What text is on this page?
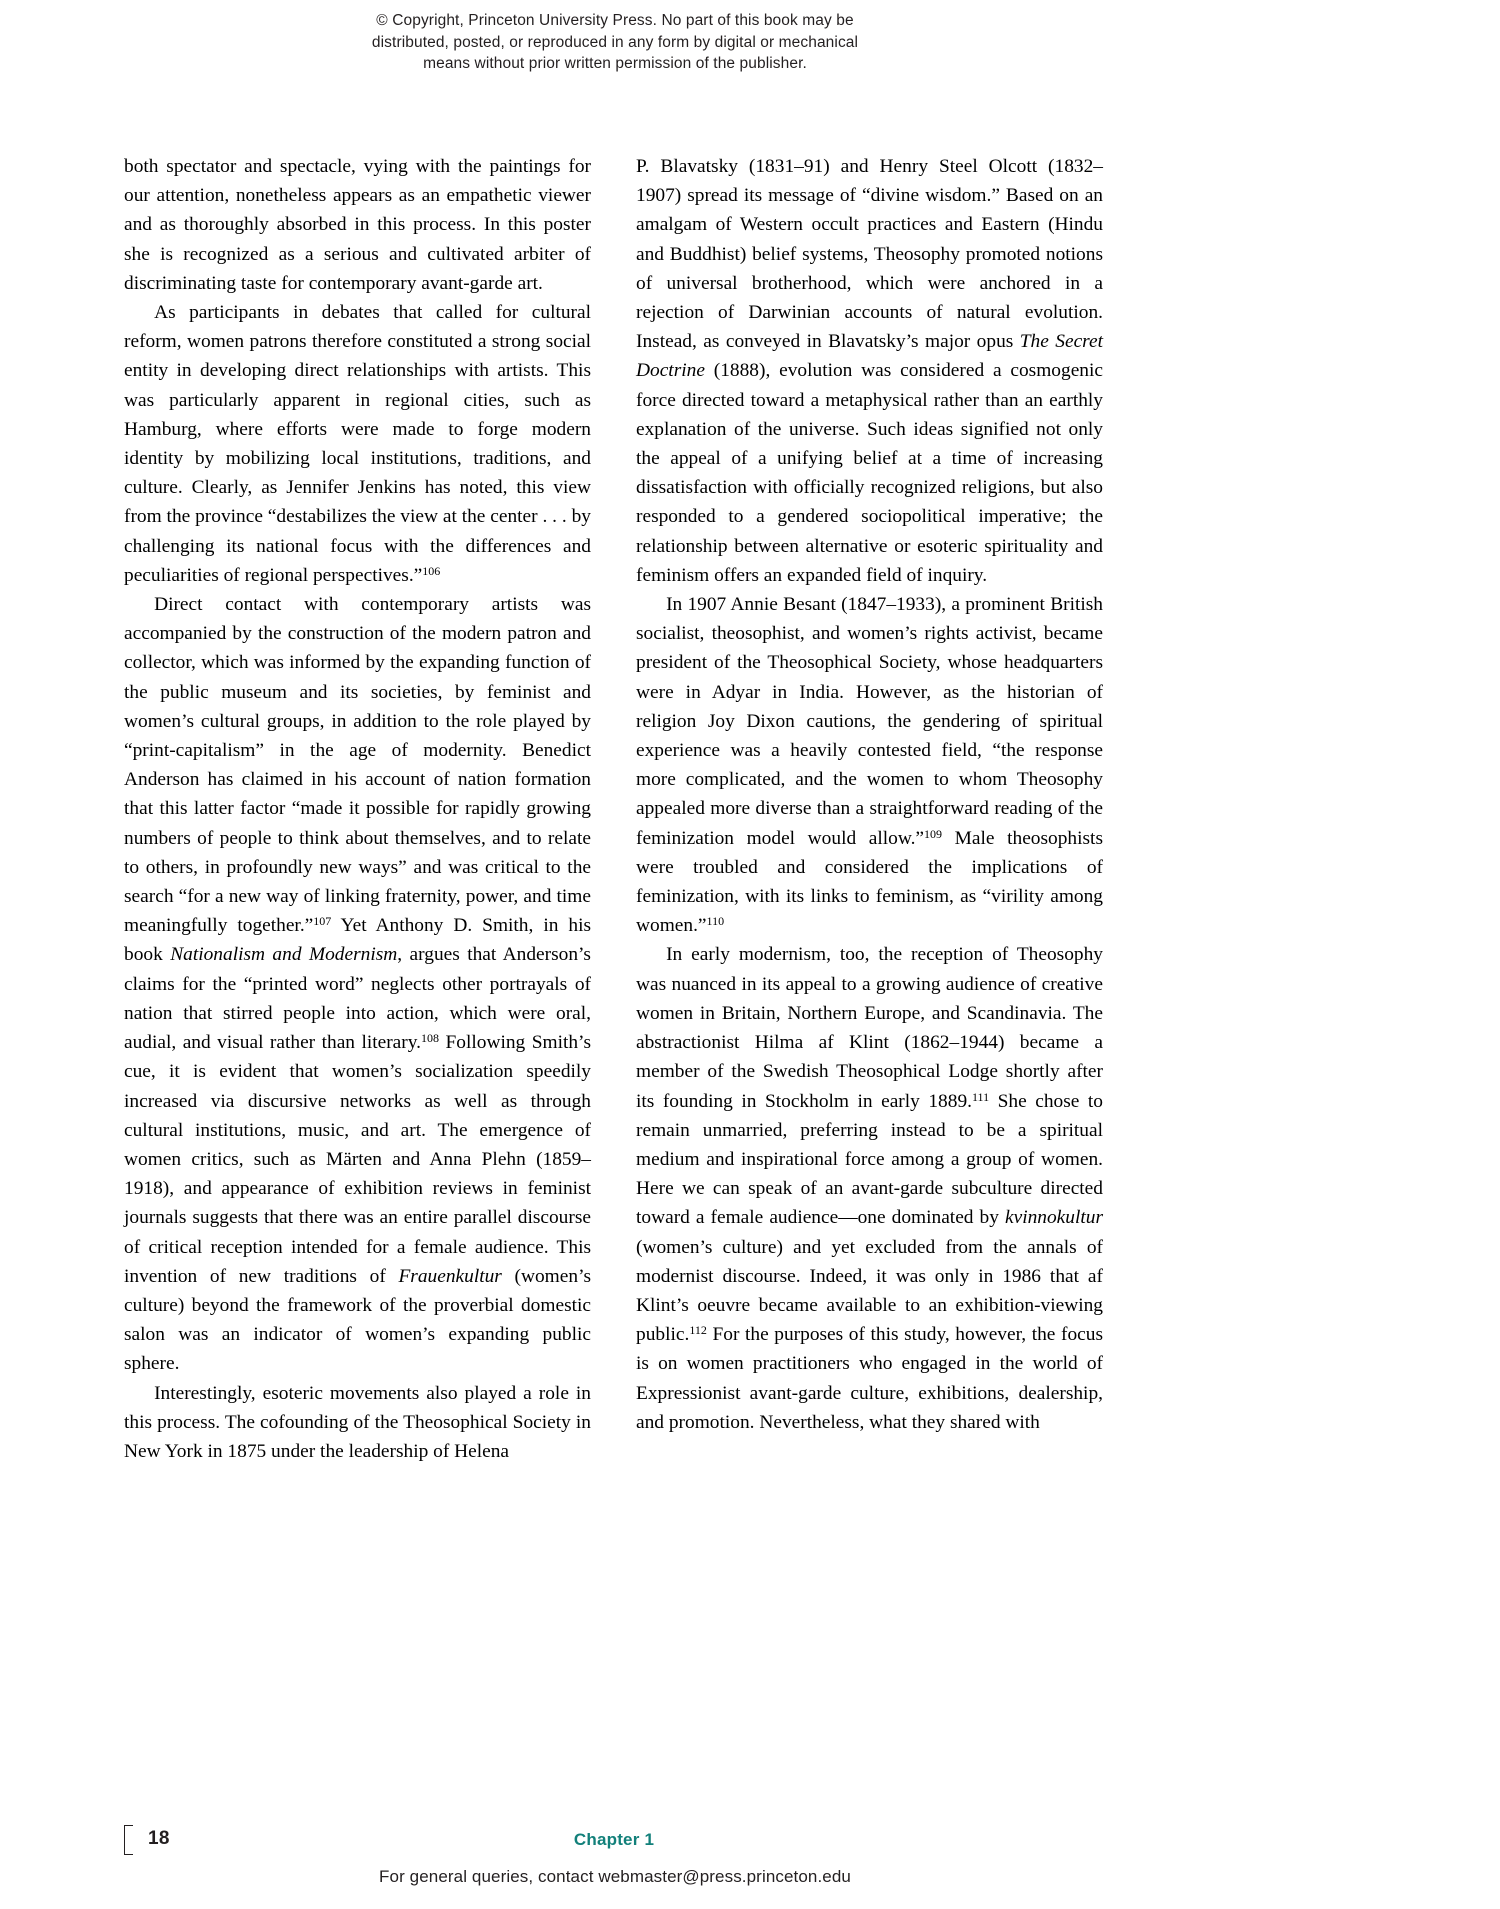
© Copyright, Princeton University Press. No part of this book may be
distributed, posted, or reproduced in any form by digital or mechanical
means without prior written permission of the publisher.

both spectator and spectacle, vying with the paintings for our attention, nonetheless appears as an empathetic viewer and as thoroughly absorbed in this process. In this poster she is recognized as a serious and cultivated arbiter of discriminating taste for contemporary avant-garde art.

As participants in debates that called for cultural reform, women patrons therefore constituted a strong social entity in developing direct relationships with artists. This was particularly apparent in regional cities, such as Hamburg, where efforts were made to forge modern identity by mobilizing local institutions, traditions, and culture. Clearly, as Jennifer Jenkins has noted, this view from the province “destabilizes the view at the center . . . by challenging its national focus with the differences and peculiarities of regional perspectives.”$^{106}$

Direct contact with contemporary artists was accompanied by the construction of the modern patron and collector, which was informed by the expanding function of the public museum and its societies, by feminist and women’s cultural groups, in addition to the role played by “print-capitalism” in the age of modernity. Benedict Anderson has claimed in his account of nation formation that this latter factor “made it possible for rapidly growing numbers of people to think about themselves, and to relate to others, in profoundly new ways” and was critical to the search “for a new way of linking fraternity, power, and time meaningfully together.”$^{107}$ Yet Anthony D. Smith, in his book Nationalism and Modernism, argues that Anderson’s claims for the “printed word” neglects other portrayals of nation that stirred people into action, which were oral, audial, and visual rather than literary.$^{108}$ Following Smith’s cue, it is evident that women’s socialization speedily increased via discursive networks as well as through cultural institutions, music, and art. The emergence of women critics, such as Märten and Anna Plehn (1859–1918), and appearance of exhibition reviews in feminist journals suggests that there was an entire parallel discourse of critical reception intended for a female audience. This invention of new traditions of Frauenkultur (women’s culture) beyond the framework of the proverbial domestic salon was an indicator of women’s expanding public sphere.

Interestingly, esoteric movements also played a role in this process. The cofounding of the Theosophical Society in New York in 1875 under the leadership of Helena

P. Blavatsky (1831–91) and Henry Steel Olcott (1832–1907) spread its message of “divine wisdom.” Based on an amalgam of Western occult practices and Eastern (Hindu and Buddhist) belief systems, Theosophy promoted notions of universal brotherhood, which were anchored in a rejection of Darwinian accounts of natural evolution. Instead, as conveyed in Blavatsky’s major opus The Secret Doctrine (1888), evolution was considered a cosmogenic force directed toward a metaphysical rather than an earthly explanation of the universe. Such ideas signified not only the appeal of a unifying belief at a time of increasing dissatisfaction with officially recognized religions, but also responded to a gendered sociopolitical imperative; the relationship between alternative or esoteric spirituality and feminism offers an expanded field of inquiry.

In 1907 Annie Besant (1847–1933), a prominent British socialist, theosophist, and women’s rights activist, became president of the Theosophical Society, whose headquarters were in Adyar in India. However, as the historian of religion Joy Dixon cautions, the gendering of spiritual experience was a heavily contested field, “the response more complicated, and the women to whom Theosophy appealed more diverse than a straightforward reading of the feminization model would allow.”$^{109}$ Male theosophists were troubled and considered the implications of feminization, with its links to feminism, as “virility among women.”$^{110}$

In early modernism, too, the reception of Theosophy was nuanced in its appeal to a growing audience of creative women in Britain, Northern Europe, and Scandinavia. The abstractionist Hilma af Klint (1862–1944) became a member of the Swedish Theosophical Lodge shortly after its founding in Stockholm in early 1889.$^{111}$ She chose to remain unmarried, preferring instead to be a spiritual medium and inspirational force among a group of women. Here we can speak of an avant-garde subculture directed toward a female audience—one dominated by kvinnokultur (women’s culture) and yet excluded from the annals of modernist discourse. Indeed, it was only in 1986 that af Klint’s oeuvre became available to an exhibition-viewing public.$^{112}$ For the purposes of this study, however, the focus is on women practitioners who engaged in the world of Expressionist avant-garde culture, exhibitions, dealership, and promotion. Nevertheless, what they shared with

18	Chapter 1
For general queries, contact webmaster@press.princeton.edu
